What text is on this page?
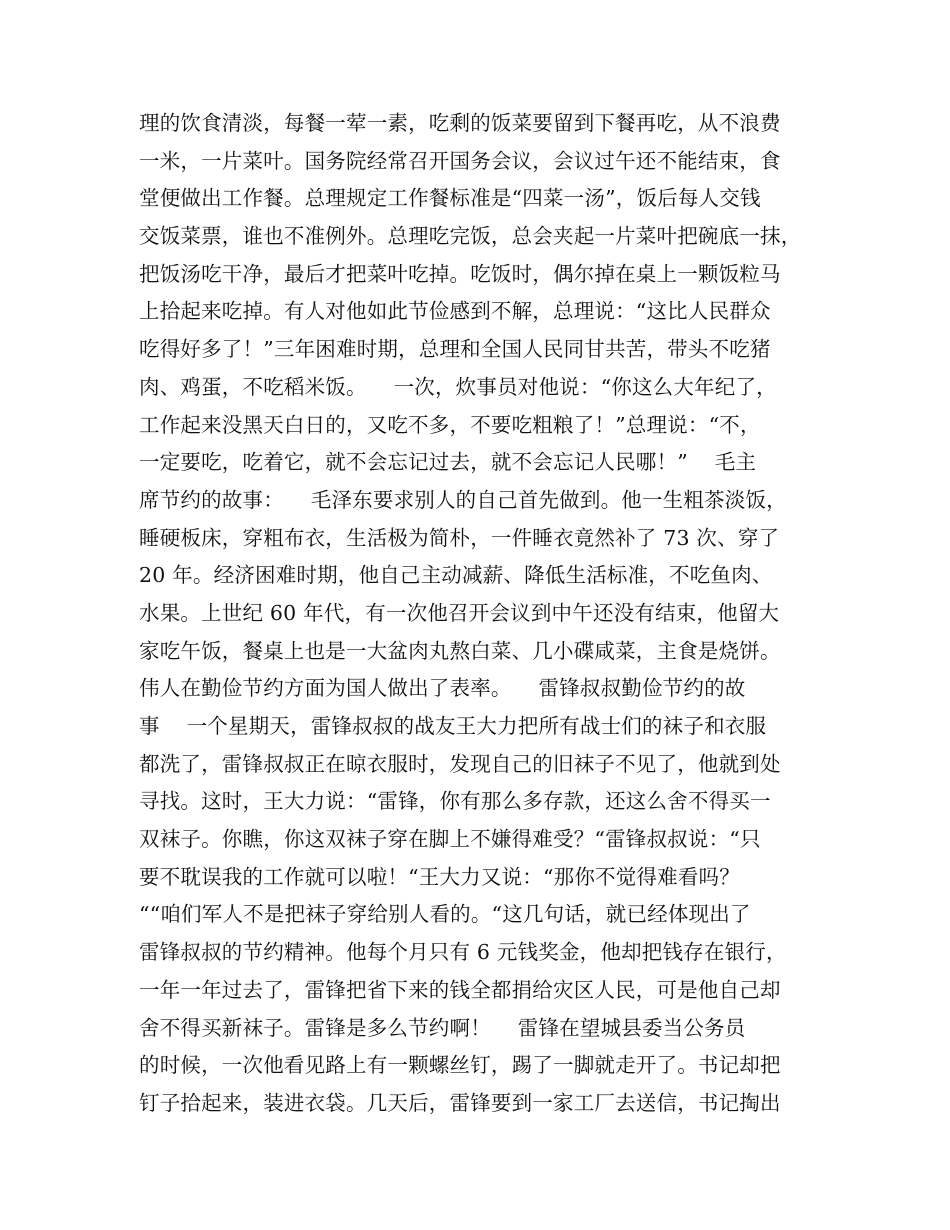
理的饮食清淡，每餐一荤一素，吃剩的饭菜要留到下餐再吃，从不浪费
一米，一片菜叶。国务院经常召开国务会议，会议过午还不能结束，食
堂便做出工作餐。总理规定工作餐标准是“四菜一汤”，饭后每人交钱
交饭菜票，谁也不准例外。总理吃完饭，总会夹起一片菜叶把碗底一抹，
把饭汤吃干净，最后才把菜叶吃掉。吃饭时，偶尔掉在桌上一颗饭粒马
上拾起来吃掉。有人对他如此节俭感到不解，总理说：“这比人民群众
吃得好多了！”三年困难时期，总理和全国人民同甘共苦，带头不吃猪
肉、鸡蛋，不吃稻米饭。    一次，炊事员对他说：“你这么大年纪了，
工作起来没黑天白日的，又吃不多，不要吃粗粮了！”总理说：“不，
一定要吃，吃着它，就不会忘记过去，就不会忘记人民哪！”    毛主
席节约的故事：    毛泽东要求别人的自己首先做到。他一生粗茶淡饭，
睡硬板床，穿粗布衣，生活极为简朴，一件睡衣竟然补了 73 次、穿了
20 年。经济困难时期，他自己主动减薪、降低生活标准，不吃鱼肉、
水果。上世纪 60 年代，有一次他召开会议到中午还没有结束，他留大
家吃午饭，餐桌上也是一大盆肉丸熬白菜、几小碟咸菜，主食是烧饼。
伟人在勤俭节约方面为国人做出了表率。    雷锋叔叔勤俭节约的故
事    一个星期天，雷锋叔叔的战友王大力把所有战士们的袜子和衣服
都洗了，雷锋叔叔正在晾衣服时，发现自己的旧袜子不见了，他就到处
寻找。这时，王大力说：“雷锋，你有那么多存款，还这么舍不得买一
双袜子。你瞧，你这双袜子穿在脚上不嫌得难受？“雷锋叔叔说：“只
要不耽误我的工作就可以啦！“王大力又说：“那你不觉得难看吗？
““咱们军人不是把袜子穿给别人看的。“这几句话，就已经体现出了
雷锋叔叔的节约精神。他每个月只有 6 元钱奖金，他却把钱存在银行，
一年一年过去了，雷锋把省下来的钱全都捐给灾区人民，可是他自己却
舍不得买新袜子。雷锋是多么节约啊！    雷锋在望城县委当公务员
的时候，一次他看见路上有一颗螺丝钉，踢了一脚就走开了。书记却把
钉子拾起来，装进衣袋。几天后，雷锋要到一家工厂去送信，书记掏出
